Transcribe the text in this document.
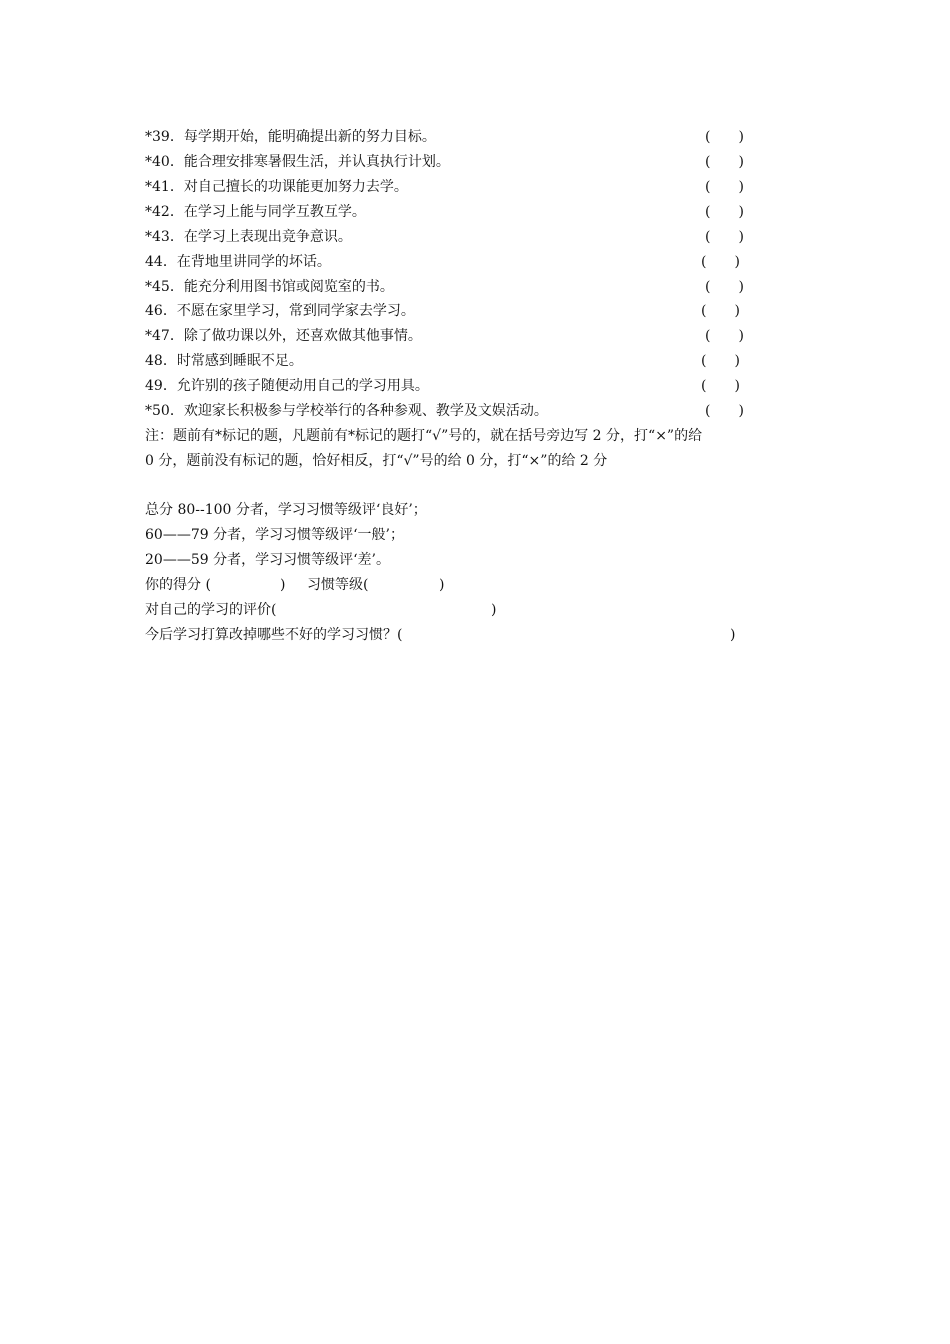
*39．每学期开始，能明确提出新的努力目标。	(　　)
*40．能合理安排寒暑假生活，并认真执行计划。	(　　)
*41．对自己擅长的功课能更加努力去学。	(　　)
*42．在学习上能与同学互教互学。	(　　)
*43．在学习上表现出竞争意识。	(　　)
44．在背地里讲同学的坏话。	(　　)
*45．能充分利用图书馆或阅览室的书。	(　　)
46．不愿在家里学习，常到同学家去学习。	(　　)
*47．除了做功课以外，还喜欢做其他事情。	(　　)
48．时常感到睡眠不足。	(　　)
49．允许别的孩子随便动用自己的学习用具。	(　　)
*50．欢迎家长积极参与学校举行的各种参观、教学及文娱活动。	(　　)
注：题前有*标记的题，凡题前有*标记的题打“√”号的，就在括号旁边写 2 分，打“×”的给
0 分，题前没有标记的题，恰好相反，打“√”号的给 0 分，打“×”的给 2 分
总分 80--100 分者，学习习惯等级评‘良好’；
60——79 分者，学习习惯等级评‘一般’；
20——59 分者，学习习惯等级评‘差’。
你的得分 (	) 习惯等级(	)
对自己的学习的评价(	)
今后学习打算改掉哪些不好的学习习惯？(	)
